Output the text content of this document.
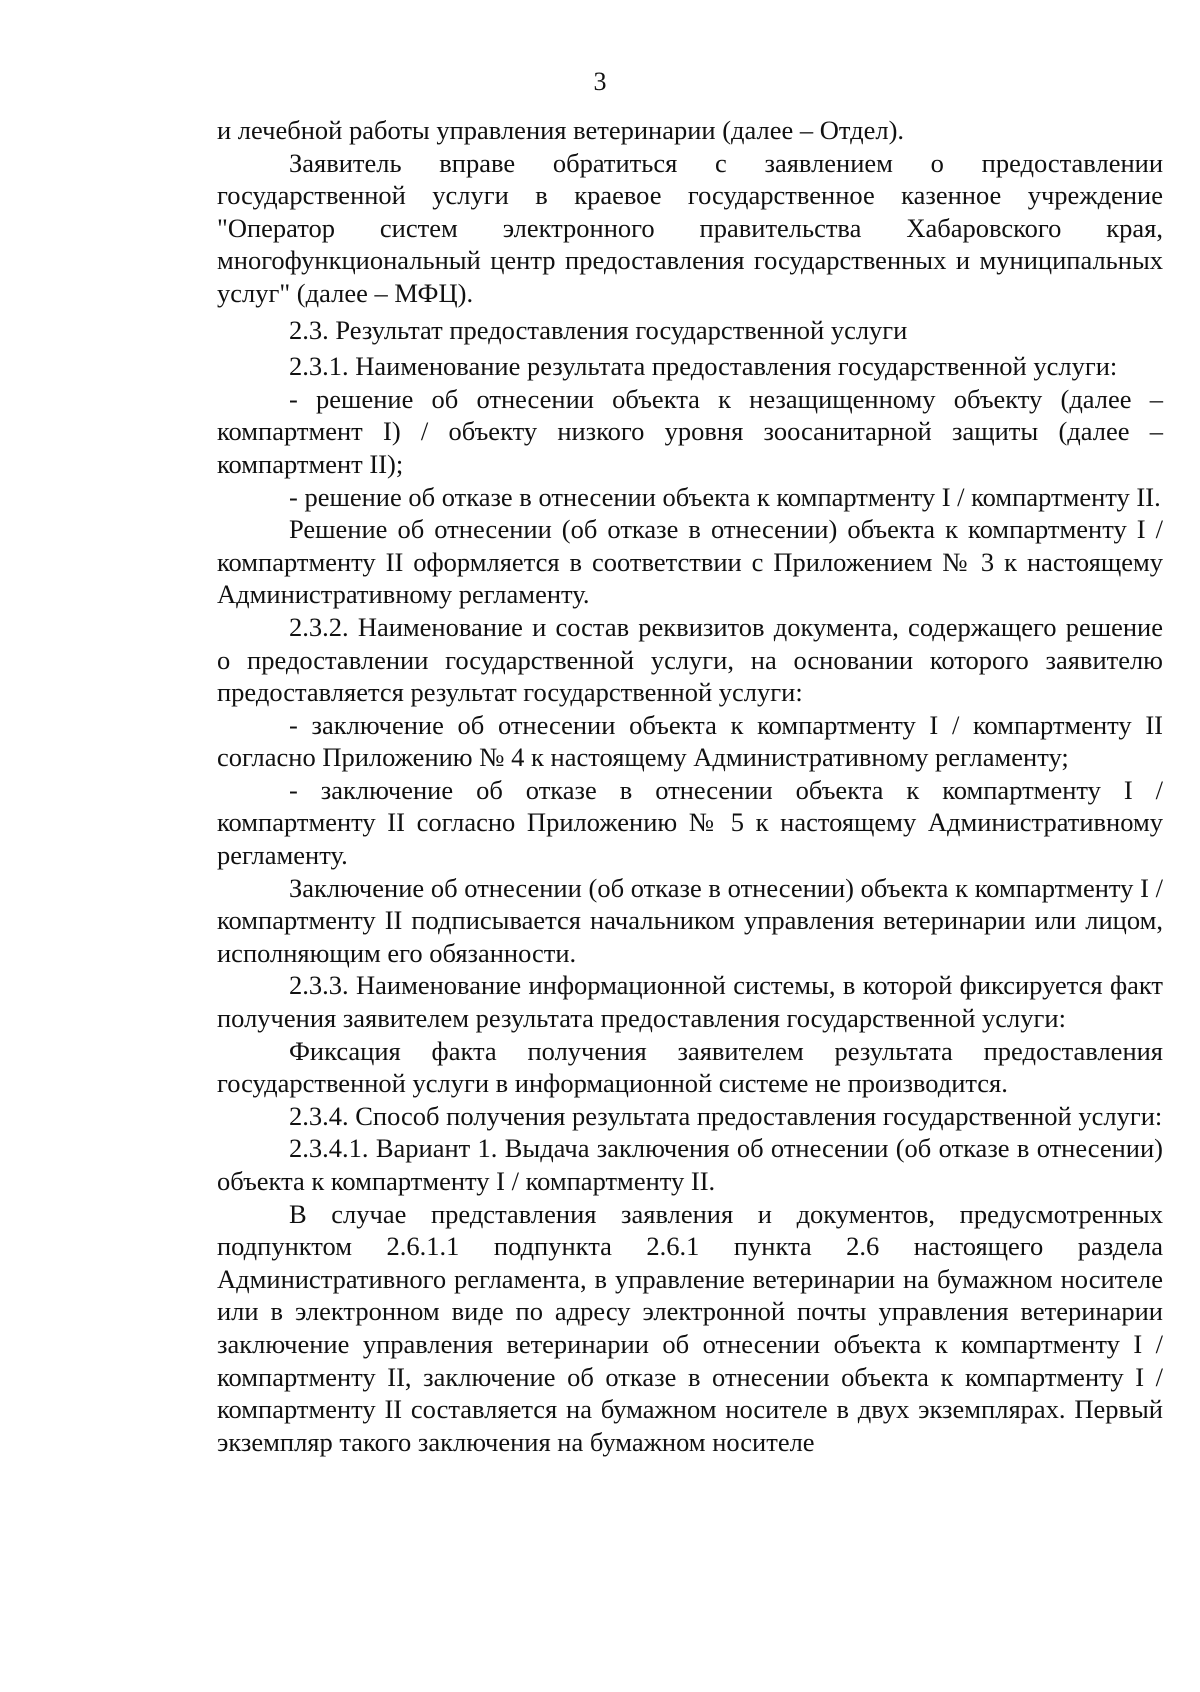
3

и лечебной работы управления ветеринарии (далее – Отдел).

Заявитель вправе обратиться с заявлением о предоставлении государственной услуги в краевое государственное казенное учреждение "Оператор систем электронного правительства Хабаровского края, многофункциональный центр предоставления государственных и муниципальных услуг" (далее – МФЦ).

2.3. Результат предоставления государственной услуги

2.3.1. Наименование результата предоставления государственной услуги:

- решение об отнесении объекта к незащищенному объекту (далее – компартмент I) / объекту низкого уровня зоосанитарной защиты (далее – компартмент II);

- решение об отказе в отнесении объекта к компартменту I / компартменту II.

Решение об отнесении (об отказе в отнесении) объекта к компартменту I / компартменту II оформляется в соответствии с Приложением № 3 к настоящему Административному регламенту.

2.3.2. Наименование и состав реквизитов документа, содержащего решение о предоставлении государственной услуги, на основании которого заявителю предоставляется результат государственной услуги:

- заключение об отнесении объекта к компартменту I / компартменту II согласно Приложению № 4 к настоящему Административному регламенту;

- заключение об отказе в отнесении объекта к компартменту I / компартменту II согласно Приложению № 5 к настоящему Административному регламенту.

Заключение об отнесении (об отказе в отнесении) объекта к компартменту I / компартменту II подписывается начальником управления ветеринарии или лицом, исполняющим его обязанности.

2.3.3. Наименование информационной системы, в которой фиксируется факт получения заявителем результата предоставления государственной услуги:

Фиксация факта получения заявителем результата предоставления государственной услуги в информационной системе не производится.

2.3.4. Способ получения результата предоставления государственной услуги:

2.3.4.1. Вариант 1. Выдача заключения об отнесении (об отказе в отнесении) объекта к компартменту I / компартменту II.

В случае представления заявления и документов, предусмотренных подпунктом 2.6.1.1 подпункта 2.6.1 пункта 2.6 настоящего раздела Административного регламента, в управление ветеринарии на бумажном носителе или в электронном виде по адресу электронной почты управления ветеринарии заключение управления ветеринарии об отнесении объекта к компартменту I / компартменту II, заключение об отказе в отнесении объекта к компартменту I / компартменту II составляется на бумажном носителе в двух экземплярах. Первый экземпляр такого заключения на бумажном носителе
